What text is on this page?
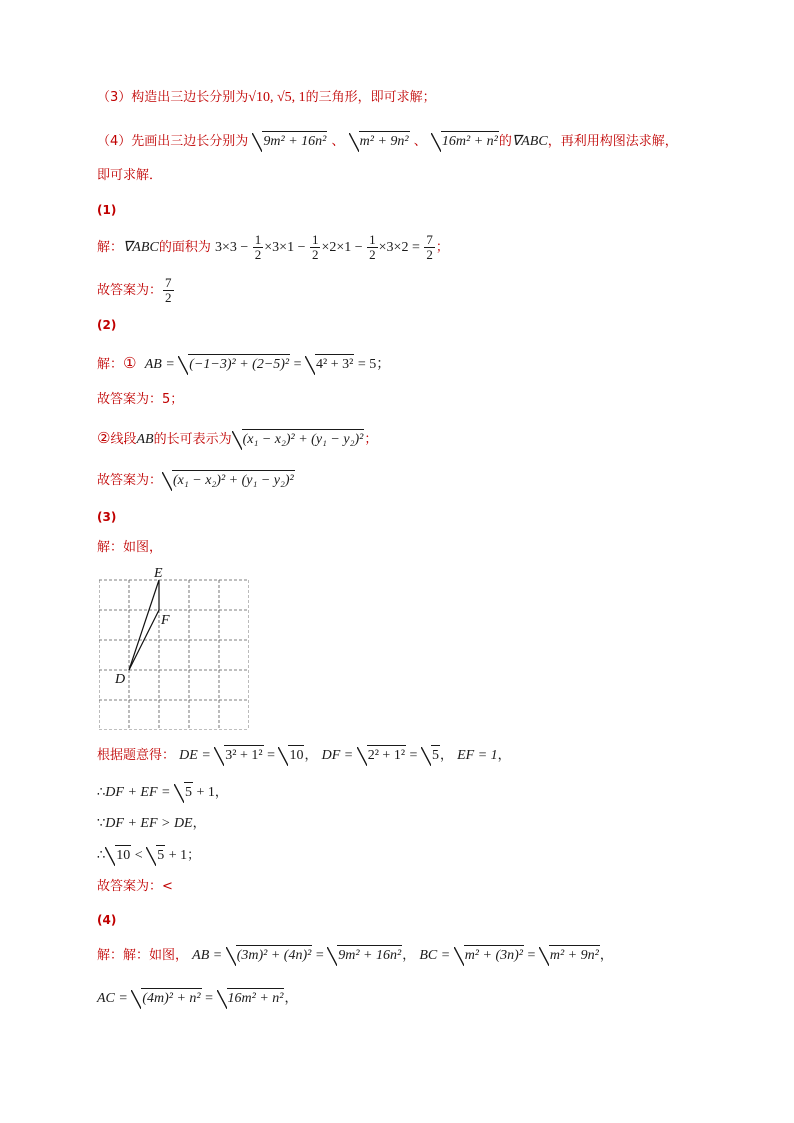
（3）构造出三边长分别为√10, √5, 1的三角形，即可求解；
（4）先画出三边长分别为 9m² + 16n² 、 m² + 9n² 、 16m² + n²的∇ABC，再利用构图法求解，
即可求解．
(1)
解：∇ABC的面积为 $3\times 3 - \frac{1}{2} \times 3\times 1 - \frac{1}{2} \times 2\times 1 - \frac{1}{2} \times 3\times 2 = \frac{7}{2}$ ；
故答案为： $\frac{7}{2}$
(2)
解：① AB = (−1−3)² + (2−5)² = 4² + 3² = 5；
故答案为：5；
②线段AB的长可表示为 (x₁ − x₂)² + (y₁ − y₂)²；
故答案为： (x₁ − x₂)² + (y₁ − y₂)²
(3)
解：如图，
E
F
D
根据题意得： DE = 3² + 1² = 10， DF = 2² + 1² = 5， EF = 1，
∴DF + EF = 5 + 1，
∵DF + EF > DE，
∴ 10 < 5 + 1；
故答案为：<
(4)
解：解：如图， AB = (3m)² + (4n)² = 9m² + 16n²， BC = m² + (3n)² = m² + 9n²，
AC = (4m)² + n² = 16m² + n²，
